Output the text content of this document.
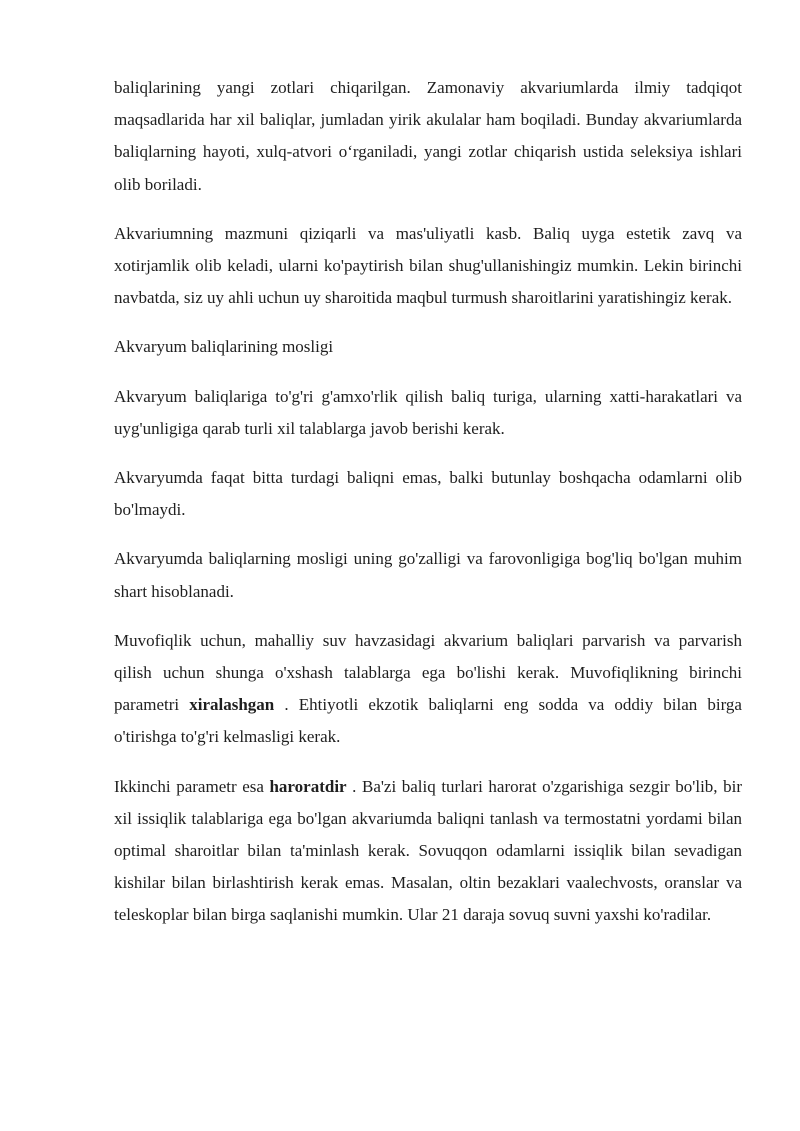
baliqlarining yangi zotlari chiqarilgan. Zamonaviy akvariumlarda ilmiy tadqiqot maqsadlarida har xil baliqlar, jumladan yirik akulalar ham boqiladi. Bunday akvariumlarda baliqlarning hayoti, xulq-atvori o‘rganiladi, yangi zotlar chiqarish ustida seleksiya ishlari olib boriladi.

Akvariumning mazmuni qiziqarli va mas'uliyatli kasb. Baliq uyga estetik zavq va xotirjamlik olib keladi, ularni ko'paytirish bilan shug'ullanishingiz mumkin. Lekin birinchi navbatda, siz uy ahli uchun uy sharoitida maqbul turmush sharoitlarini yaratishingiz kerak.

Akvaryum baliqlarining mosligi

Akvaryum baliqlariga to'g'ri g'amxo'rlik qilish baliq turiga, ularning xatti-harakatlari va uyg'unligiga qarab turli xil talablarga javob berishi kerak.

Akvaryumda faqat bitta turdagi baliqni emas, balki butunlay boshqacha odamlarni olib bo'lmaydi.

Akvaryumda baliqlarning mosligi uning go'zalligi va farovonligiga bog'liq bo'lgan muhim shart hisoblanadi.

Muvofiqlik uchun, mahalliy suv havzasidagi akvarium baliqlari parvarish va parvarish qilish uchun shunga o'xshash talablarga ega bo'lishi kerak. Muvofiqlikning birinchi parametri xiralashgan . Ehtiyotli ekzotik baliqlarni eng sodda va oddiy bilan birga o'tirishga to'g'ri kelmasligi kerak.

Ikkinchi parametr esa haroratdir . Ba'zi baliq turlari harorat o'zgarishiga sezgir bo'lib, bir xil issiqlik talablariga ega bo'lgan akvariumda baliqni tanlash va termostatni yordami bilan optimal sharoitlar bilan ta'minlash kerak. Sovuqqon odamlarni issiqlik bilan sevadigan kishilar bilan birlashtirish kerak emas. Masalan, oltin bezaklari vaalechvosts, oranslar va teleskoplar bilan birga saqlanishi mumkin. Ular 21 daraja sovuq suvni yaxshi ko'radilar.
